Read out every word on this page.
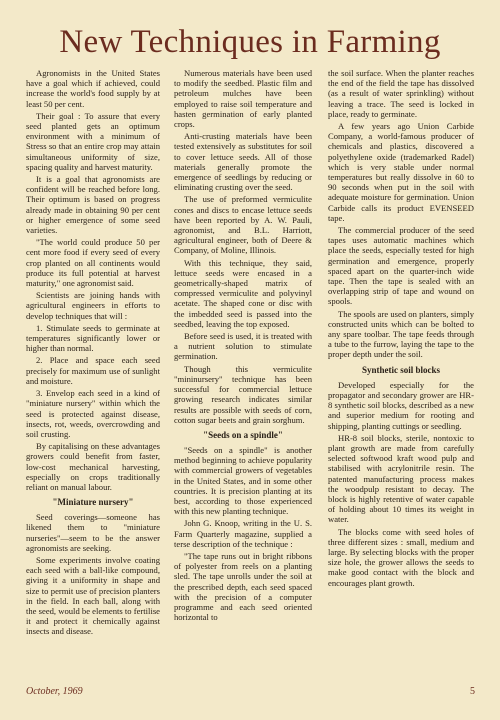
New Techniques in Farming

Agronomists in the United States have a goal which if achieved, could increase the world's food supply by at least 50 per cent.

Their goal : To assure that every seed planted gets an optimum environment with a minimum of Stress so that an entire crop may attain simultaneous uniformity of size, spacing quality and harvest maturity.

It is a goal that agronomists are confident will be reached before long. Their optimum is based on progress already made in obtaining 90 per cent or higher emergence of some seed varieties.

"The world could produce 50 per cent more food if every seed of every crop planted on all continents would produce its full potential at harvest maturity," one agronomist said.

Scientists are joining hands with agricultural engineers in efforts to develop techniques that will :

1. Stimulate seeds to germinate at temperatures significantly lower or higher than normal.

2. Place and space each seed precisely for maximum use of sunlight and moisture.

3. Envelop each seed in a kind of "miniature nursery" within which the seed is protected against disease, insects, rot, weeds, overcrowding and soil crusting.

By capitalising on these advantages growers could benefit from faster, low-cost mechanical harvesting, especially on crops traditionally reliant on manual labour.

"Miniature nursery"

Seed coverings—someone has likened them to "miniature nurseries"—seem to be the answer agronomists are seeking.

Some experiments involve coating each seed with a ball-like compound, giving it a uniformity in shape and size to permit use of precision planters in the field. In each ball, along with the seed, would be elements to fertilise it and protect it chemically against insects and disease.

Numerous materials have been used to modify the seedbed. Plastic film and petroleum mulches have been employed to raise soil temperature and hasten germination of early planted crops.

Anti-crusting materials have been tested extensively as substitutes for soil to cover lettuce seeds. All of those materials generally promote the emergence of seedlings by reducing or eliminating crusting over the seed.

The use of preformed vermiculite cones and discs to encase lettuce seeds have been reported by A. W. Pauli, agronomist, and B.L. Harriott, agricultural engineer, both of Deere & Company, of Moline, Illinois.

With this technique, they said, lettuce seeds were encased in a geometrically-shaped matrix of compressed vermiculite and polyvinyl acetate. The shaped cone or disc with the imbedded seed is passed into the seedbed, leaving the top exposed.

Before seed is used, it is treated with a nutrient solution to stimulate germination.

Though this vermiculite "mininursery" technique has been successful for commercial lettuce growing research indicates similar results are possible with seeds of corn, cotton sugar beets and grain sorghum.

"Seeds on a spindle"

"Seeds on a spindle" is another method beginning to achieve popularity with commercial growers of vegetables in the United States, and in some other countries. It is precision planting at its best, according to those experienced with this new planting technique.

John G. Knoop, writing in the U. S. Farm Quarterly magazine, supplied a terse description of the technique :

"The tape runs out in bright ribbons of polyester from reels on a planting sled. The tape unrolls under the soil at the prescribed depth, each seed spaced with the precision of a computer programme and each seed oriented horizontal to

the soil surface. When the planter reaches the end of the field the tape has dissolved (as a result of water sprinkling) without leaving a trace. The seed is locked in place, ready to germinate.

A few years ago Union Carbide Company, a world-famous producer of chemicals and plastics, discovered a polyethylene oxide (trademarked Radel) which is very stable under normal temperatures but really dissolve in 60 to 90 seconds when put in the soil with adequate moisture for germination. Union Carbide calls its product EVENSEED tape.

The commercial producer of the seed tapes uses automatic machines which place the seeds, especially tested for high germination and emergence, properly spaced apart on the quarter-inch wide tape. Then the tape is sealed with an overlapping strip of tape and wound on spools.

The spools are used on planters, simply constructed units which can be bolted to any spare toolbar. The tape feeds through a tube to the furrow, laying the tape to the proper depth under the soil.

Synthetic soil blocks

Developed especially for the propagator and secondary grower are HR-8 synthetic soil blocks, described as a new and superior medium for rooting and shipping, planting cuttings or seedling.

HR-8 soil blocks, sterile, nontoxic to plant growth are made from carefully selected softwood kraft wood pulp and stabilised with acrylonitrile resin. The patented manufacturing process makes the woodpulp resistant to decay. The block is highly retentive of water capable of holding about 10 times its weight in water.

The blocks come with seed holes of three different sizes : small, medium and large. By selecting blocks with the proper size hole, the grower allows the seeds to make good contact with the block and encourages plant growth.

October, 1969	5
